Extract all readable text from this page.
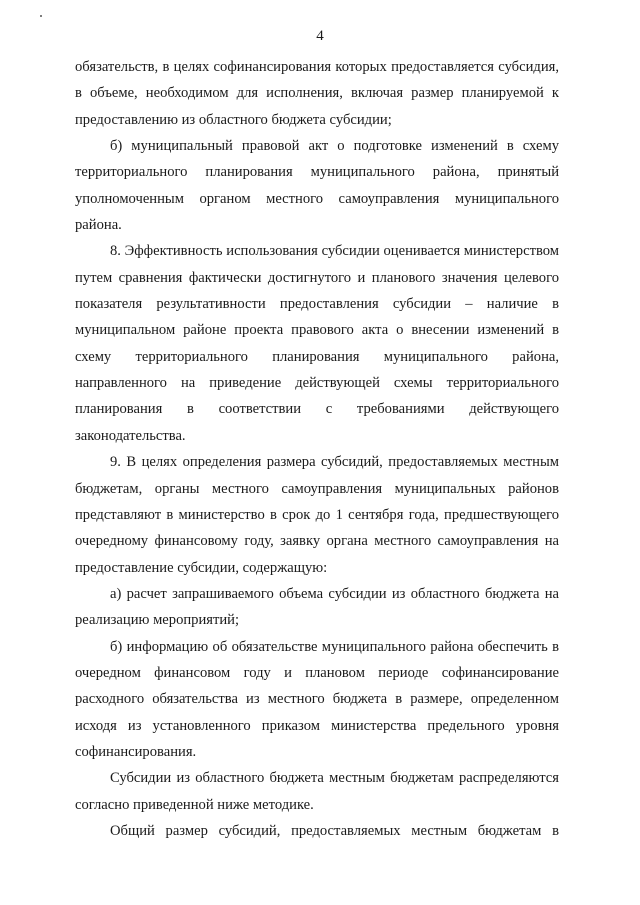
4

обязательств, в целях софинансирования которых предоставляется субсидия, в объеме, необходимом для исполнения, включая размер планируемой к предоставлению из областного бюджета субсидии;

б) муниципальный правовой акт о подготовке изменений в схему территориального планирования муниципального района, принятый уполномоченным органом местного самоуправления муниципального района.

8. Эффективность использования субсидии оценивается министерством путем сравнения фактически достигнутого и планового значения целевого показателя результативности предоставления субсидии – наличие в муниципальном районе проекта правового акта о внесении изменений в схему территориального планирования муниципального района, направленного на приведение действующей схемы территориального планирования в соответствии с требованиями действующего законодательства.

9. В целях определения размера субсидий, предоставляемых местным бюджетам, органы местного самоуправления муниципальных районов представляют в министерство в срок до 1 сентября года, предшествующего очередному финансовому году, заявку органа местного самоуправления на предоставление субсидии, содержащую:

а) расчет запрашиваемого объема субсидии из областного бюджета на реализацию мероприятий;

б) информацию об обязательстве муниципального района обеспечить в очередном финансовом году и плановом периоде софинансирование расходного обязательства из местного бюджета в размере, определенном исходя из установленного приказом министерства предельного уровня софинансирования.

Субсидии из областного бюджета местным бюджетам распределяются согласно приведенной ниже методике.

Общий размер субсидий, предоставляемых местным бюджетам в
